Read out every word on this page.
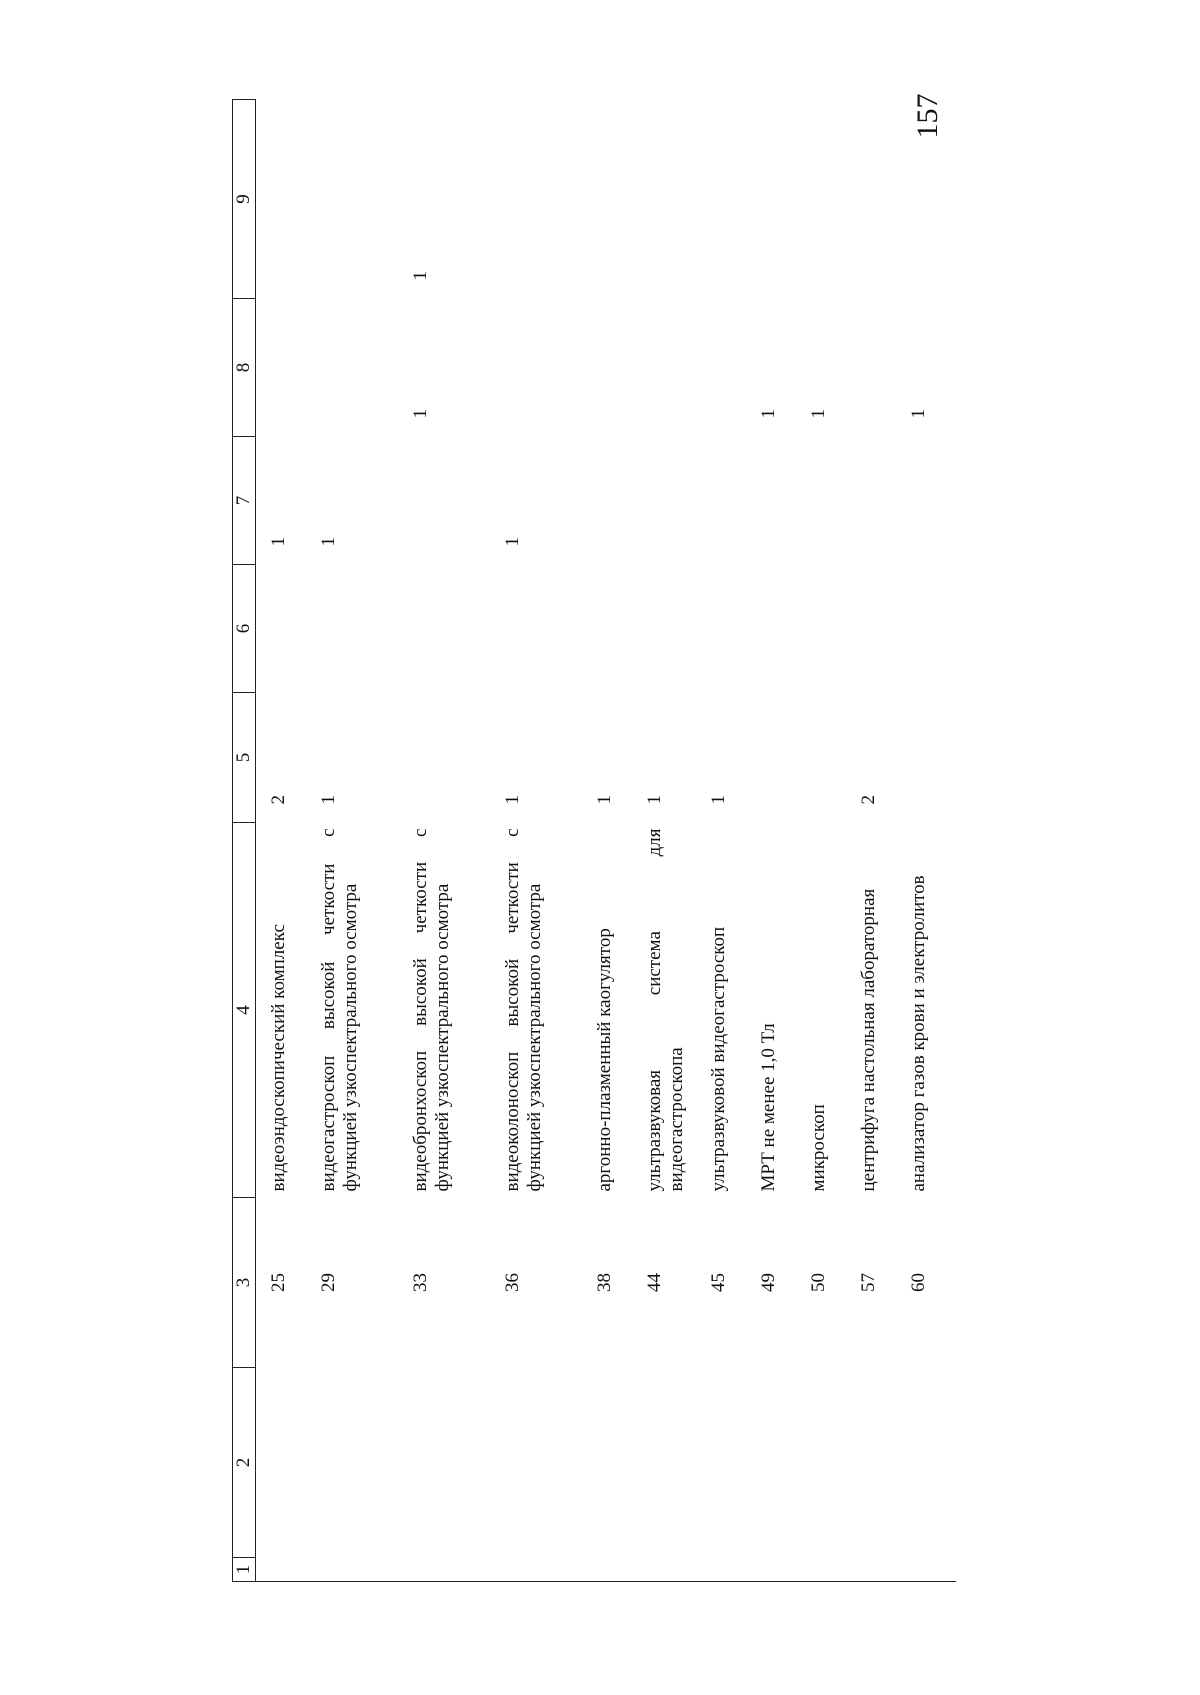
157
1	2	3	4	5	6	7	8	9
		25	видеоэндоскопический комплекс	2		1		
		29	видеогастроскоп высокой четкости с функцией узкоспектрального осмотра	1		1		
		33	видеобронхоскоп высокой четкости с функцией узкоспектрального осмотра				1	1
		36	видеоколоноскоп высокой четкости с функцией узкоспектрального осмотра	1		1		
		38	аргонно-плазменный каогулятор	1				
		44	ультразвуковая система для видеогастроскопа	1				
		45	ультразвуковой видеогастроскоп	1				
		49	МРТ не менее 1,0 Тл				1	
		50	микроскоп				1	
		57	центрифуга настольная лабораторная	2				
		60	анализатор газов крови и электролитов				1	
